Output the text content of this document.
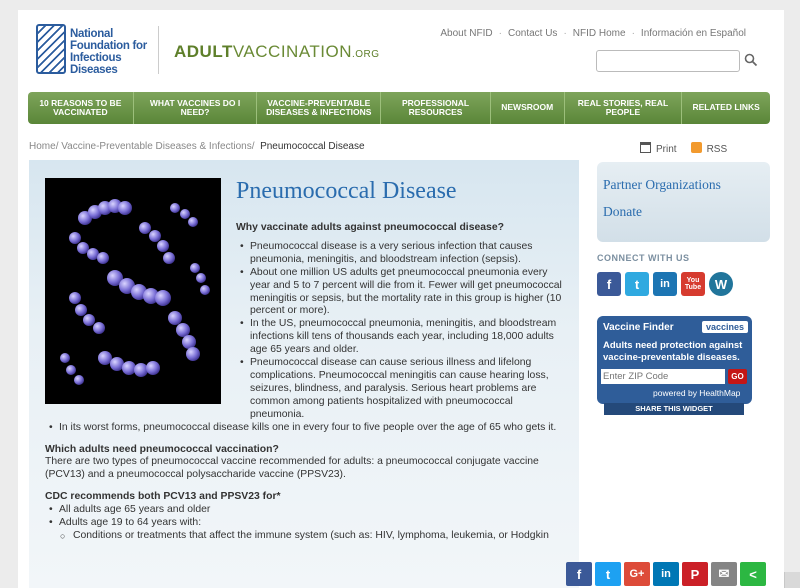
National
Foundation for
Infectious
Diseases
ADULTVACCINATION.ORG
About NFID · Contact Us · NFID Home · Información en Español
10 REASONS TO BE VACCINATED
WHAT VACCINES DO I NEED?
VACCINE-PREVENTABLE DISEASES & INFECTIONS
PROFESSIONAL RESOURCES	NEWSROOM	REAL STORIES, REAL PEOPLE	RELATED LINKS
Home/ Vaccine-Preventable Diseases & Infections/  Pneumococcal Disease	Print	RSS
Pneumococcal Disease

Why vaccinate adults against pneumococcal disease?

• Pneumococcal disease is a very serious infection that causes pneumonia, meningitis, and bloodstream infection (sepsis).
• About one million US adults get pneumococcal pneumonia every year and 5 to 7 percent will die from it. Fewer will get pneumococcal meningitis or sepsis, but the mortality rate in this group is higher (10 percent or more).
• In the US, pneumococcal pneumonia, meningitis, and bloodstream infections kill tens of thousands each year, including 18,000 adults age 65 years and older.
• Pneumococcal disease can cause serious illness and lifelong complications. Pneumococcal meningitis can cause hearing loss, seizures, blindness, and paralysis. Serious heart problems are common among patients hospitalized with pneumococcal pneumonia.
• In its worst forms, pneumococcal disease kills one in every four to five people over the age of 65 who gets it.

Which adults need pneumococcal vaccination?

There are two types of pneumococcal vaccine recommended for adults: a pneumococcal conjugate vaccine (PCV13) and a pneumococcal polysaccharide vaccine (PPSV23).

CDC recommends both PCV13 and PPSV23 for*

• All adults age 65 years and older
• Adults age 19 to 64 years with:
○ Conditions or treatments that affect the immune system (such as: HIV, lymphoma, leukemia, or Hodgkin
Partner Organizations
Donate
CONNECT WITH US
f	t	in	You Tube	W
Vaccine Finder	vaccines
Adults need protection against vaccine-preventable diseases.
Enter ZIP Code
GO
powered by HealthMap
SHARE THIS WIDGET
f	t	G+	in	P	✉	<
